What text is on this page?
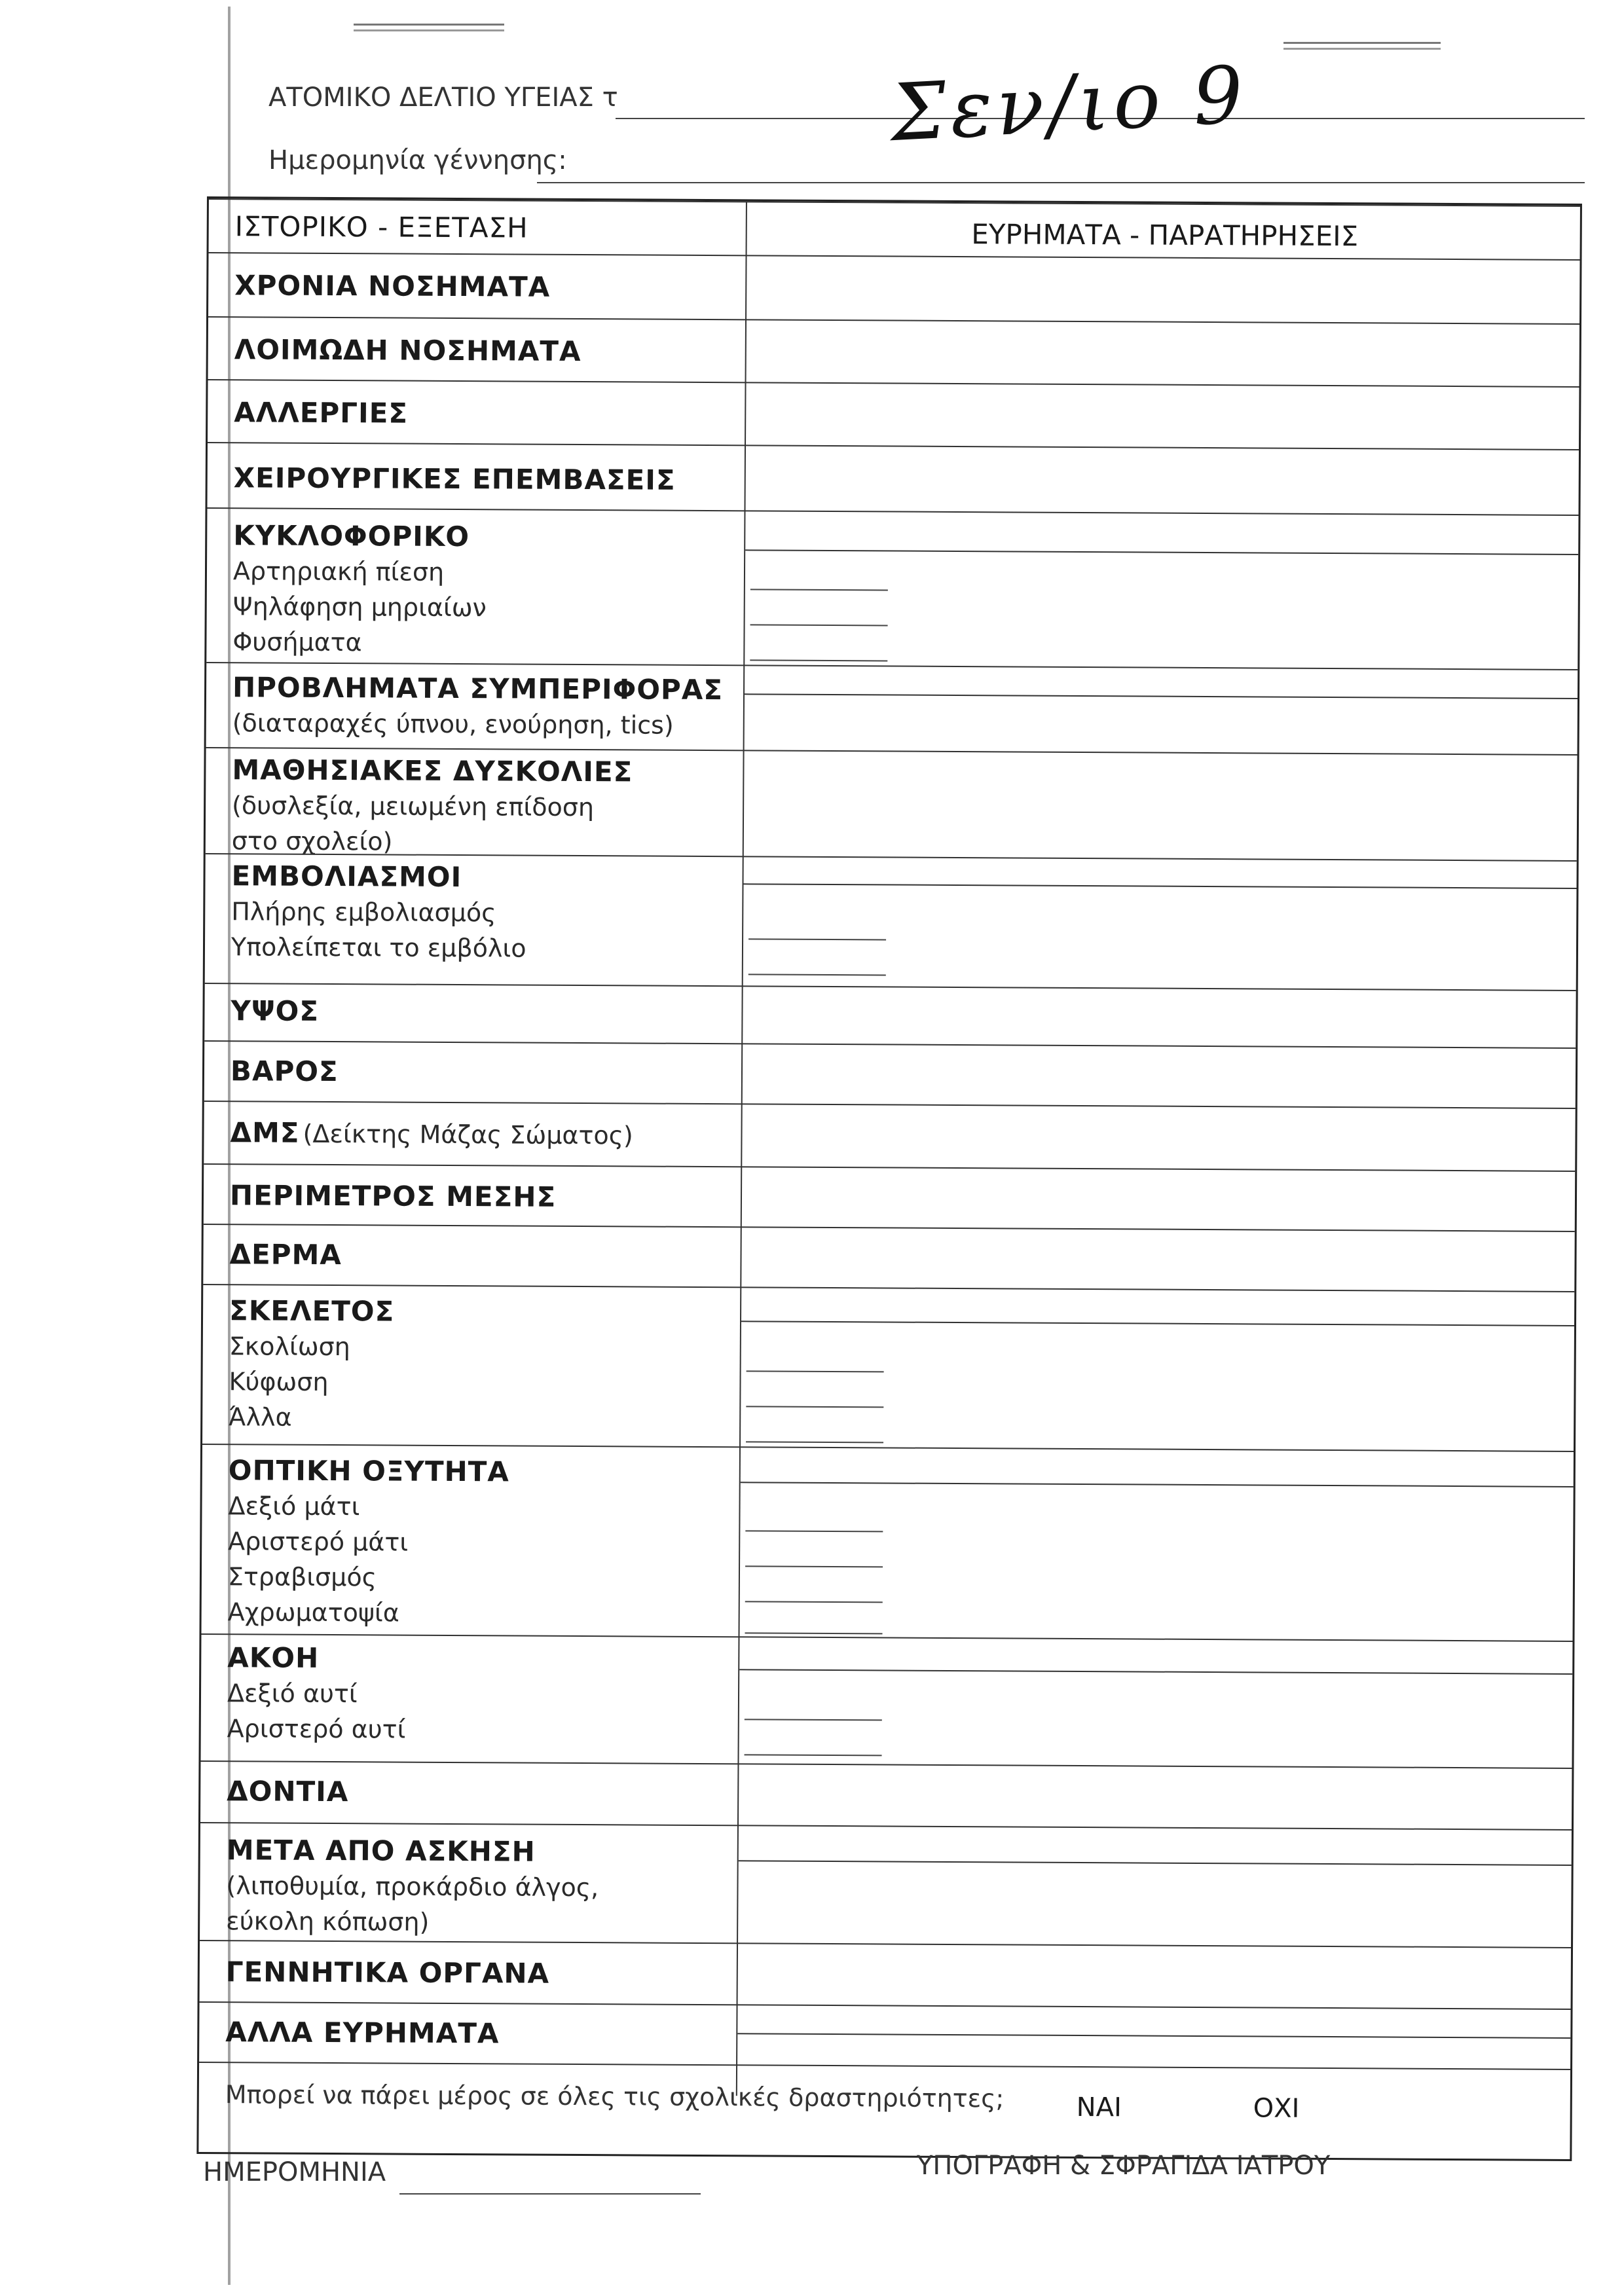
ΑΤΟΜΙΚΟ ΔΕΛΤΙΟ ΥΓΕΙΑΣ τ	Σεν/ιο 9
Ημερομηνία γέννησης:
ΙΣΤΟΡΙΚΟ - ΕΞΕΤΑΣΗ	ΕΥΡΗΜΑΤΑ - ΠΑΡΑΤΗΡΗΣΕΙΣ
ΧΡΟΝΙΑ ΝΟΣΗΜΑΤΑ
ΛΟΙΜΩΔΗ ΝΟΣΗΜΑΤΑ
ΑΛΛΕΡΓΙΕΣ
ΧΕΙΡΟΥΡΓΙΚΕΣ ΕΠΕΜΒΑΣΕΙΣ
ΚΥΚΛΟΦΟΡΙΚΟ
Αρτηριακή πίεση
Ψηλάφηση μηριαίων
Φυσήματα
ΠΡΟΒΛΗΜΑΤΑ ΣΥΜΠΕΡΙΦΟΡΑΣ
(διαταραχές ύπνου, ενούρηση, tics)
ΜΑΘΗΣΙΑΚΕΣ ΔΥΣΚΟΛΙΕΣ
(δυσλεξία, μειωμένη επίδοση
στο σχολείο)
ΕΜΒΟΛΙΑΣΜΟΙ
Πλήρης εμβολιασμός
Υπολείπεται το εμβόλιο
ΥΨΟΣ
ΒΑΡΟΣ
ΔΜΣ (Δείκτης Μάζας Σώματος)
ΠΕΡΙΜΕΤΡΟΣ ΜΕΣΗΣ
ΔΕΡΜΑ
ΣΚΕΛΕΤΟΣ
Σκολίωση
Κύφωση
Άλλα
ΟΠΤΙΚΗ ΟΞΥΤΗΤΑ
Δεξιό μάτι
Αριστερό μάτι
Στραβισμός
Αχρωματοψία
ΑΚΟΗ
Δεξιό αυτί
Αριστερό αυτί
ΔΟΝΤΙΑ
ΜΕΤΑ ΑΠΟ ΑΣΚΗΣΗ
(λιποθυμία, προκάρδιο άλγος,
εύκολη κόπωση)
ΓΕΝΝΗΤΙΚΑ ΟΡΓΑΝΑ
ΑΛΛΑ ΕΥΡΗΜΑΤΑ
Μπορεί να πάρει μέρος σε όλες τις σχολικές δραστηριότητες;	ΝΑΙ	ΟΧΙ
ΗΜΕΡΟΜΗΝΙΑ	ΥΠΟΓΡΑΦΗ & ΣΦΡΑΓΙΔΑ ΙΑΤΡΟΥ
